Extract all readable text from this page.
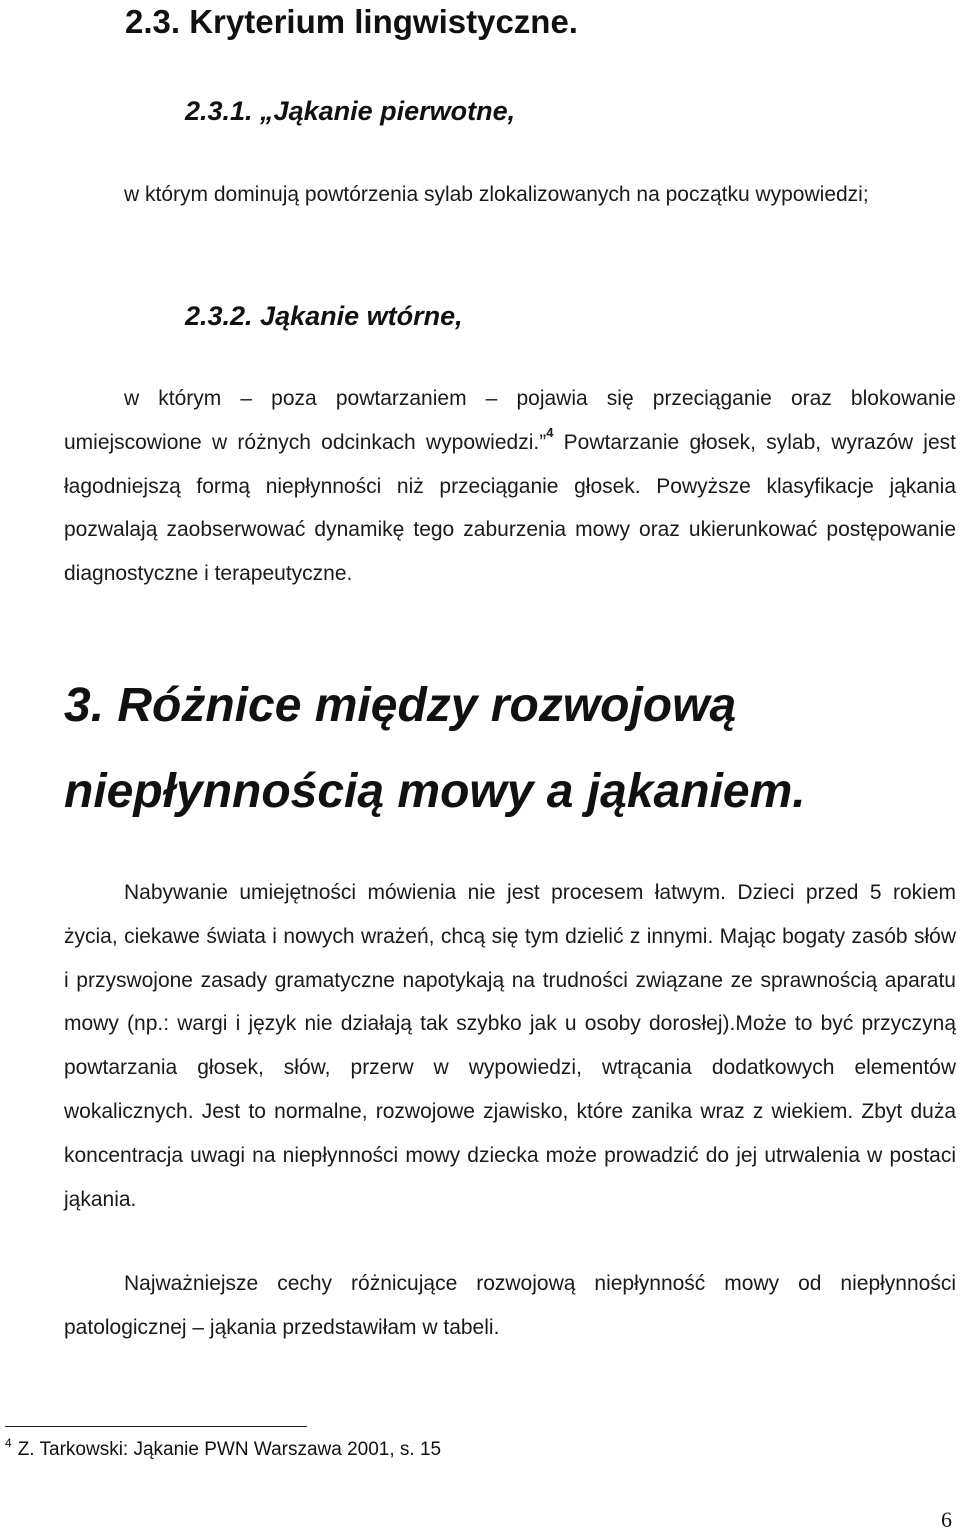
2.3. Kryterium lingwistyczne.
2.3.1. „Jąkanie pierwotne,

w którym dominują powtórzenia sylab zlokalizowanych na początku wypowiedzi;

2.3.2. Jąkanie wtórne,

w którym – poza powtarzaniem – pojawia się przeciąganie oraz blokowanie umiejscowione w różnych odcinkach wypowiedzi.”$^4$ Powtarzanie głosek, sylab, wyrazów jest łagodniejszą formą niepłynności niż przeciąganie głosek. Powyższe klasyfikacje jąkania pozwalają zaobserwować dynamikę tego zaburzenia mowy oraz ukierunkować postępowanie diagnostyczne i terapeutyczne.

3. Różnice między rozwojową niepłynnością mowy a jąkaniem.

Nabywanie umiejętności mówienia nie jest procesem łatwym. Dzieci przed 5 rokiem życia, ciekawe świata i nowych wrażeń, chcą się tym dzielić z innymi. Mając bogaty zasób słów i przyswojone zasady gramatyczne napotykają na trudności związane ze sprawnością aparatu mowy (np.: wargi i język nie działają tak szybko jak u osoby dorosłej).Może to być przyczyną powtarzania głosek, słów, przerw w wypowiedzi, wtrącania dodatkowych elementów wokalicznych. Jest to normalne, rozwojowe zjawisko, które zanika wraz z wiekiem. Zbyt duża koncentracja uwagi na niepłynności mowy dziecka może prowadzić do jej utrwalenia w postaci jąkania.

Najważniejsze cechy różnicujące rozwojową niepłynność mowy od niepłynności patologicznej – jąkania przedstawiłam w tabeli.

$^4$ Z. Tarkowski: Jąkanie PWN Warszawa 2001, s. 15

6
